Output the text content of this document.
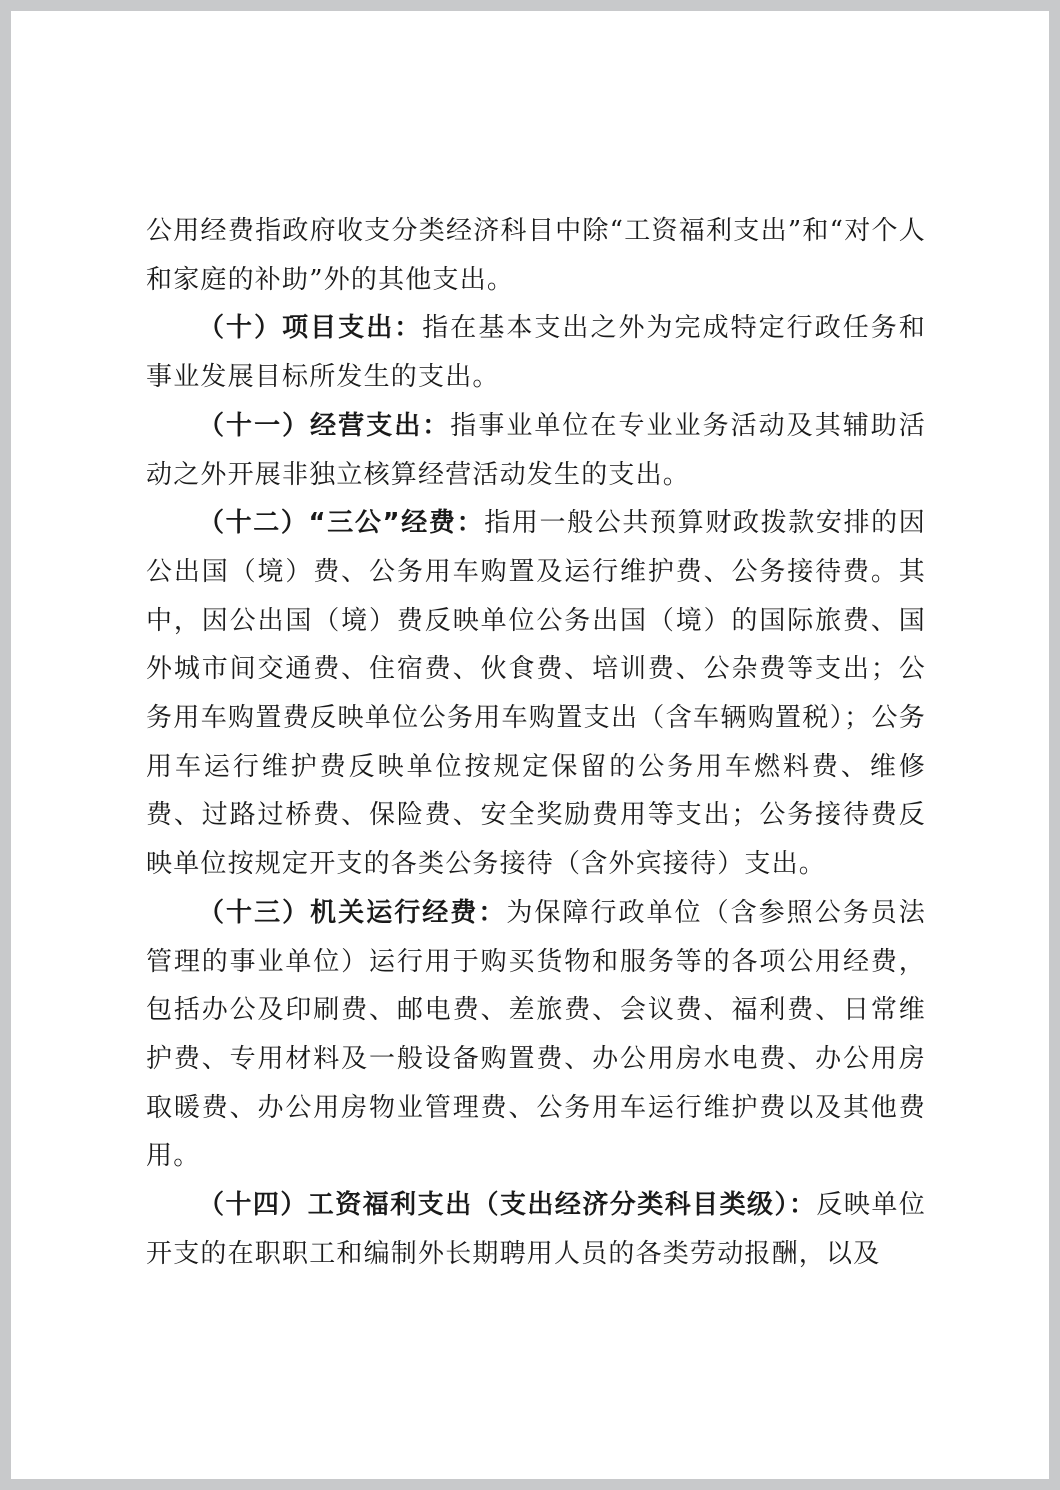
公用经费指政府收支分类经济科目中除“工资福利支出”和“对个人和家庭的补助”外的其他支出。

（十）项目支出：指在基本支出之外为完成特定行政任务和事业发展目标所发生的支出。

（十一）经营支出：指事业单位在专业业务活动及其辅助活动之外开展非独立核算经营活动发生的支出。

（十二）“三公”经费：指用一般公共预算财政拨款安排的因公出国（境）费、公务用车购置及运行维护费、公务接待费。其中，因公出国（境）费反映单位公务出国（境）的国际旅费、国外城市间交通费、住宿费、伙食费、培训费、公杂费等支出；公务用车购置费反映单位公务用车购置支出（含车辆购置税）；公务用车运行维护费反映单位按规定保留的公务用车燃料费、维修费、过路过桥费、保险费、安全奖励费用等支出；公务接待费反映单位按规定开支的各类公务接待（含外宾接待）支出。

（十三）机关运行经费：为保障行政单位（含参照公务员法管理的事业单位）运行用于购买货物和服务等的各项公用经费，包括办公及印刷费、邮电费、差旅费、会议费、福利费、日常维护费、专用材料及一般设备购置费、办公用房水电费、办公用房取暖费、办公用房物业管理费、公务用车运行维护费以及其他费用。

（十四）工资福利支出（支出经济分类科目类级）：反映单位开支的在职职工和编制外长期聘用人员的各类劳动报酬，以及
